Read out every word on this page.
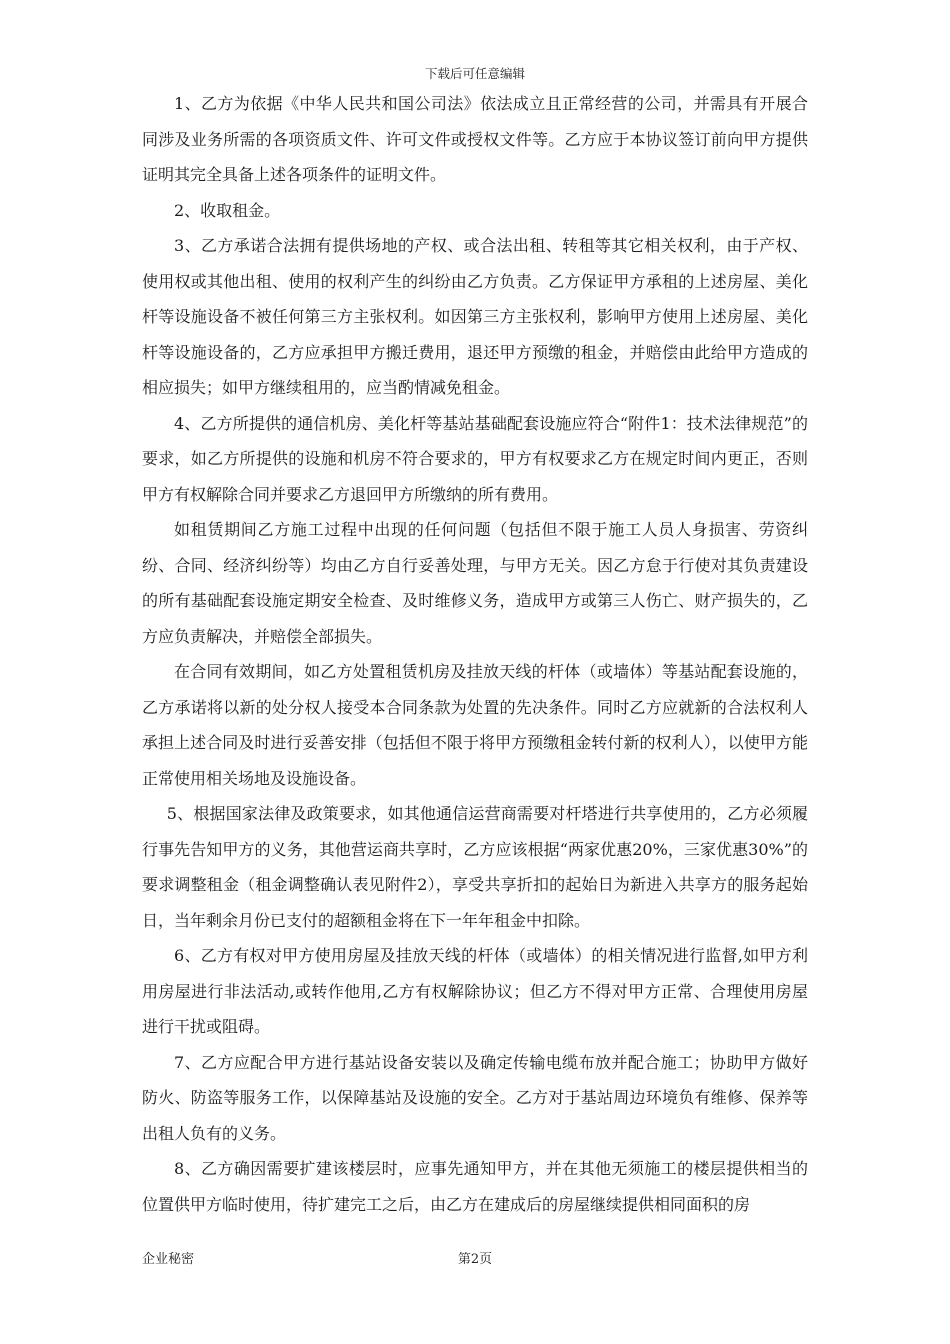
下载后可任意编辑

1、乙方为依据《中华人民共和国公司法》依法成立且正常经营的公司，并需具有开展合同涉及业务所需的各项资质文件、许可文件或授权文件等。乙方应于本协议签订前向甲方提供证明其完全具备上述各项条件的证明文件。

2、收取租金。

3、乙方承诺合法拥有提供场地的产权、或合法出租、转租等其它相关权利，由于产权、使用权或其他出租、使用的权利产生的纠纷由乙方负责。乙方保证甲方承租的上述房屋、美化杆等设施设备不被任何第三方主张权利。如因第三方主张权利，影响甲方使用上述房屋、美化杆等设施设备的，乙方应承担甲方搬迁费用，退还甲方预缴的租金，并赔偿由此给甲方造成的相应损失；如甲方继续租用的，应当酌情减免租金。

4、乙方所提供的通信机房、美化杆等基站基础配套设施应符合“附件1：技术法律规范”的要求，如乙方所提供的设施和机房不符合要求的，甲方有权要求乙方在规定时间内更正，否则甲方有权解除合同并要求乙方退回甲方所缴纳的所有费用。

如租赁期间乙方施工过程中出现的任何问题（包括但不限于施工人员人身损害、劳资纠纷、合同、经济纠纷等）均由乙方自行妥善处理，与甲方无关。因乙方怠于行使对其负责建设的所有基础配套设施定期安全检查、及时维修义务，造成甲方或第三人伤亡、财产损失的，乙方应负责解决，并赔偿全部损失。

在合同有效期间，如乙方处置租赁机房及挂放天线的杆体（或墙体）等基站配套设施的，乙方承诺将以新的处分权人接受本合同条款为处置的先决条件。同时乙方应就新的合法权利人承担上述合同及时进行妥善安排（包括但不限于将甲方预缴租金转付新的权利人），以使甲方能正常使用相关场地及设施设备。

5、根据国家法律及政策要求，如其他通信运营商需要对杆塔进行共享使用的，乙方必须履行事先告知甲方的义务，其他营运商共享时，乙方应该根据“两家优惠20%，三家优惠30%”的要求调整租金（租金调整确认表见附件2），享受共享折扣的起始日为新进入共享方的服务起始日，当年剩余月份已支付的超额租金将在下一年年租金中扣除。

6、乙方有权对甲方使用房屋及挂放天线的杆体（或墙体）的相关情况进行监督,如甲方利用房屋进行非法活动,或转作他用,乙方有权解除协议；但乙方不得对甲方正常、合理使用房屋进行干扰或阻碍。

7、乙方应配合甲方进行基站设备安装以及确定传输电缆布放并配合施工；协助甲方做好防火、防盗等服务工作，以保障基站及设施的安全。乙方对于基站周边环境负有维修、保养等出租人负有的义务。

8、乙方确因需要扩建该楼层时，应事先通知甲方，并在其他无须施工的楼层提供相当的位置供甲方临时使用，待扩建完工之后，由乙方在建成后的房屋继续提供相同面积的房

企业秘密	第2页
